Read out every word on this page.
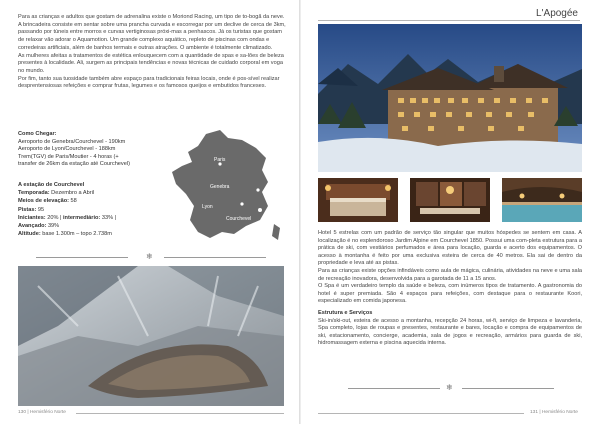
Para as crianças e adultos que gostam de adrenalina existe o Moriond Racing, um tipo de to-bogã da neve. A brincadeira consiste em sentar sobre uma prancha curvada e escorregar por um declive de cerca de 3km, passando por túneis entre morros e curvas vertiginosas próxi-mas a penhascos. Já os turistas que gostam de relaxar vão adorar o Aquamotion. Um grande complexo aquático, repleto de piscinas com ondas e corredeiras artificiais, além de banhos termais e outras atrações. O ambiente é totalmente climatizado.

As mulheres afeitas a tratamentos de estética enlouquecem com a quantidade de spas e sa-lões de beleza presentes à localidade. Ali, surgem as principais tendências e novas técnicas de cuidado corporal em voga no mundo.

Por fim, tanto sua tuosidade também abre espaço para tradicionais feiras locais, onde é pos-sível realizar desprentensiosas refeições e comprar frutas, legumes e os famosos queijos e embutidos franceses.

Como Chegar:
Aeroporto de Genebra/Courchevel - 190km
Aeroporto de Lyon/Courchevel - 188km
Trem(TGV) de Paris/Moutier - 4 horas (+
transfer de 26km da estação até Courchevel)
A estação de Courchevel
Temporada: Dezembro a Abril
Meios de elevação: 58
Pistas: 95
Iniciantes: 20% | intermediário: 33% |
Avançado: 39%
Altitude: base 1.300m – topo 2.738m
Paris
Genebra
Lyon
Courchevel
❄
130 | Hemisfério Norte
L'Apogée

Hotel 5 estrelas com um padrão de serviço tão singular que muitos hóspedes se sentem em casa. A localização é no esplendoroso Jardim Alpine em Courchevel 1850. Possui uma com-pleta estrutura para a prática de ski, com vestiários perfumados e área para locação, guarda e acerto dos equipamentos. O acesso à montanha é feito por uma exclusiva esteira de cerca de 40 metros. Ela sai de dentro da propriedade e leva até as pistas.

Para as crianças existe opções infindáveis como aula de mágica, culinária, atividades na neve e uma sala de recreação inovadora, desenvolvida para a garotada de 11 a 15 anos.

O Spa é um verdadeiro templo da saúde e beleza, com inúmeros tipos de tratamento. A gastronomia do hotel é super premiada. São 4 espaços para refeições, com destaque para o restaurante Koori, especializado em comida japonesa.

Estrutura e Serviços

Ski-in/ski-out, esteira de acesso a montanha, recepção 24 horas, wi-fi, serviço de limpeza e lavanderia, Spa completo, lojas de roupas e presentes, restaurante e bares, locação e compra de equipamentos de ski, estacionamento, concierge, academia, sala de jogos e recreação, armários para guarda de ski, hidromassagem externa e piscina aquecida interna.

❄
131 | Hemisfério Norte
